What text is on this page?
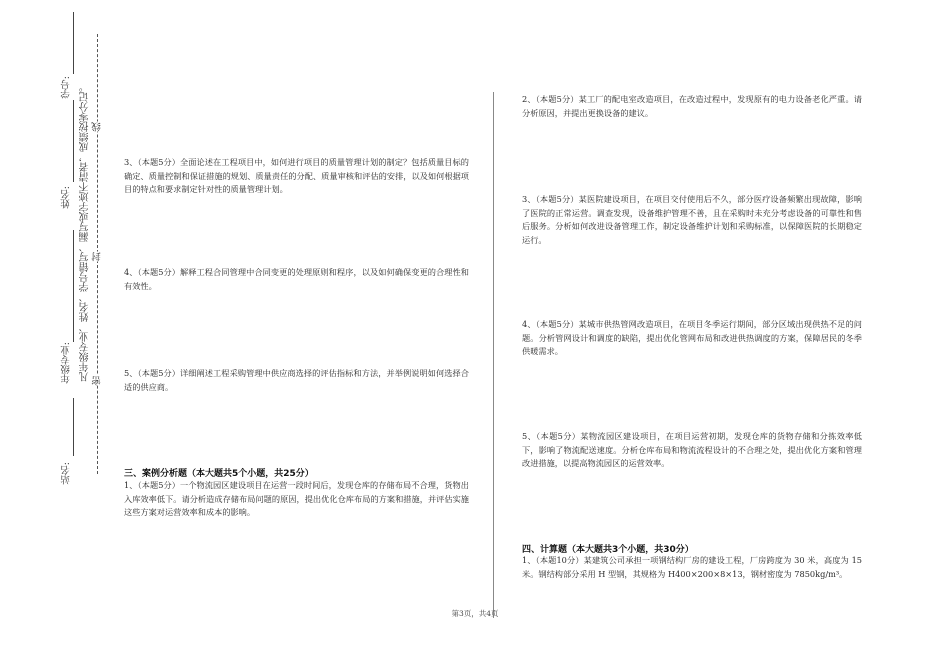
学号:
姓名:
年级专业:
站名:
凡年级专业、姓名、学号错写、漏写或字迹不清者，成绩按零分记。 线
封
密

3、（本题5分）全面论述在工程项目中，如何进行项目的质量管理计划的制定？包括质量目标的确定、质量控制和保证措施的规划、质量责任的分配、质量审核和评估的安排，以及如何根据项目的特点和要求制定针对性的质量管理计划。

4、（本题5分）解释工程合同管理中合同变更的处理原则和程序，以及如何确保变更的合理性和有效性。

5、（本题5分）详细阐述工程采购管理中供应商选择的评估指标和方法，并举例说明如何选择合适的供应商。

三、案例分析题（本大题共5个小题，共25分）

1、（本题5分）一个物流园区建设项目在运营一段时间后，发现仓库的存储布局不合理，货物出入库效率低下。请分析造成存储布局问题的原因，提出优化仓库布局的方案和措施，并评估实施这些方案对运营效率和成本的影响。

2、（本题5分）某工厂的配电室改造项目，在改造过程中，发现原有的电力设备老化严重。请分析原因，并提出更换设备的建议。

3、（本题5分）某医院建设项目，在项目交付使用后不久，部分医疗设备频繁出现故障，影响了医院的正常运营。调查发现，设备维护管理不善，且在采购时未充分考虑设备的可靠性和售后服务。分析如何改进设备管理工作，制定设备维护计划和采购标准，以保障医院的长期稳定运行。

4、（本题5分）某城市供热管网改造项目，在项目冬季运行期间，部分区域出现供热不足的问题。分析管网设计和调度的缺陷，提出优化管网布局和改进供热调度的方案，保障居民的冬季供暖需求。

5、（本题5分）某物流园区建设项目，在项目运营初期，发现仓库的货物存储和分拣效率低下，影响了物流配送速度。分析仓库布局和物流流程设计的不合理之处，提出优化方案和管理改进措施，以提高物流园区的运营效率。

四、计算题（本大题共3个小题，共30分）

1、（本题10分）某建筑公司承担一项钢结构厂房的建设工程，厂房跨度为 30 米，高度为 15 米。钢结构部分采用 H 型钢，其规格为 H400×200×8×13，钢材密度为 7850kg/m³。

第3页，共4页
